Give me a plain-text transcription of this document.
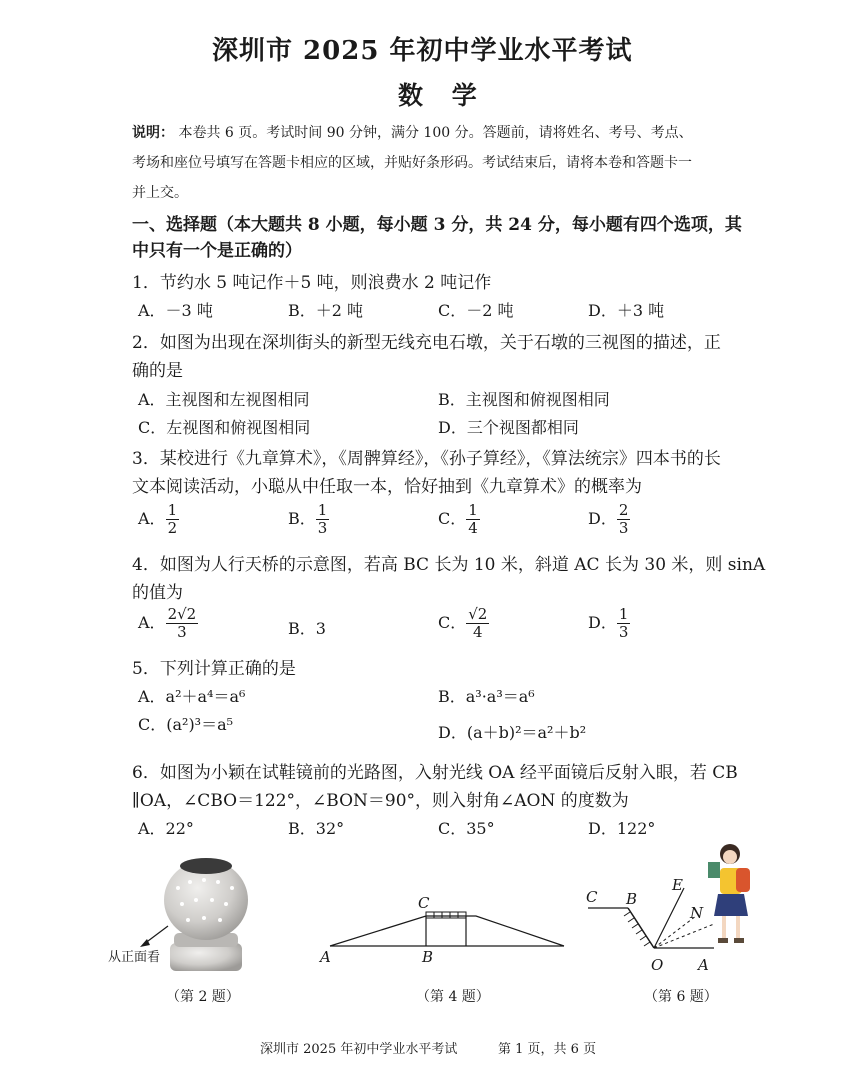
深圳市 2025 年初中学业水平考试
数 学
说明： 本卷共 6 页。考试时间 90 分钟，满分 100 分。答题前，请将姓名、考号、考点、
考场和座位号填写在答题卡相应的区域，并贴好条形码。考试结束后，请将本卷和答题卡一
并上交。
一、选择题（本大题共 8 小题，每小题 3 分，共 24 分，每小题有四个选项，其
中只有一个是正确的）
1．节约水 5 吨记作＋5 吨，则浪费水 2 吨记作
A．－3 吨	B．＋2 吨	C．－2 吨	D．＋3 吨
2．如图为出现在深圳街头的新型无线充电石墩，关于石墩的三视图的描述，正
确的是
A．主视图和左视图相同	B．主视图和俯视图相同
C．左视图和俯视图相同	D．三个视图都相同
3．某校进行《九章算术》，《周髀算经》，《孙子算经》，《算法统宗》四本书的长
文本阅读活动，小聪从中任取一本，恰好抽到《九章算术》的概率为
A． $\frac{1}{2}$	B． $\frac{1}{3}$	C． $\frac{1}{4}$	D． $\frac{2}{3}$
4．如图为人行天桥的示意图，若高 BC 长为 10 米，斜道 AC 长为 30 米，则 sinA
的值为
A． $\frac{2√2}{3}$	B．3	C． $\frac{√2}{4}$	D． $\frac{1}{3}$
5．下列计算正确的是
A．a²＋a⁴＝a⁶	B．a³·a³＝a⁶
C．(a²)³＝a⁵	D．(a＋b)²＝a²＋b²
6．如图为小颖在试鞋镜前的光路图，入射光线 OA 经平面镜后反射入眼，若 CB
∥OA，∠CBO＝122°，∠BON＝90°，则入射角∠AON 的度数为
A．22°	B．32°	C．35°	D．122°
从正面看
（第 2 题）
A	B
C
（第 4 题）
C B
E
N
O A
（第 6 题）
深圳市 2025 年初中学业水平考试	第 1 页，共 6 页
